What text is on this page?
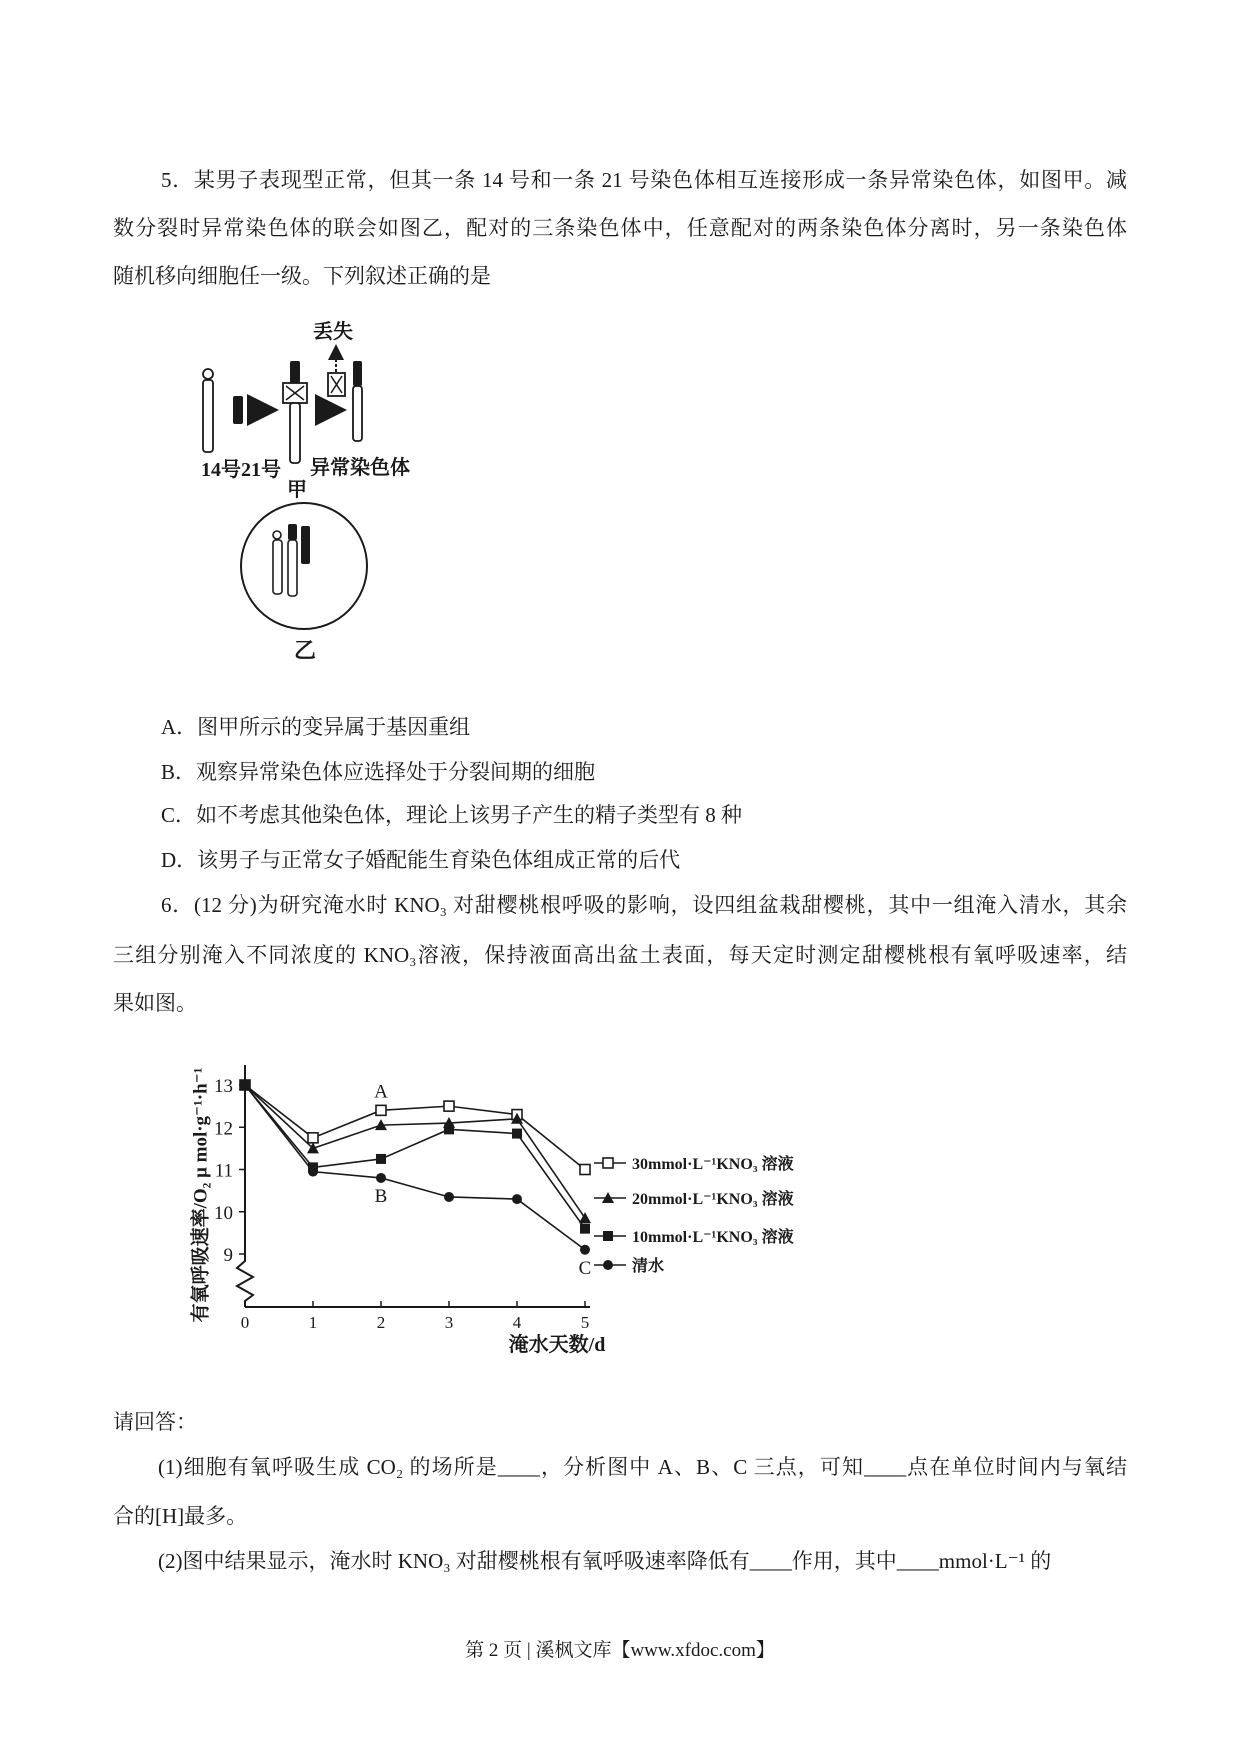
5．某男子表现型正常，但其一条 14 号和一条 21 号染色体相互连接形成一条异常染色体，如图甲。减
数分裂时异常染色体的联会如图乙，配对的三条染色体中，任意配对的两条染色体分离时，另一条染色体
随机移向细胞任一级。下列叙述正确的是
丢失
14号21号 异常染色体
甲
乙
A．图甲所示的变异属于基因重组
B．观察异常染色体应选择处于分裂间期的细胞
C．如不考虑其他染色体，理论上该男子产生的精子类型有 8 种
D．该男子与正常女子婚配能生育染色体组成正常的后代
6．(12 分)为研究淹水时 KNO₃ 对甜樱桃根呼吸的影响，设四组盆栽甜樱桃，其中一组淹入清水，其余
三组分别淹入不同浓度的 KNO₃溶液，保持液面高出盆土表面，每天定时测定甜樱桃根有氧呼吸速率，结
果如图。
有氧呼吸速率/O₂ μ mol·g⁻¹·h⁻¹
淹水天数/d
13
12
11
10
9
0	1	2	3	4	5
A
B
C
30mmol·L⁻¹KNO₃ 溶液
20mmol·L⁻¹KNO₃ 溶液
10mmol·L⁻¹KNO₃ 溶液
清水
请回答：
(1)细胞有氧呼吸生成 CO₂ 的场所是____，分析图中 A、B、C 三点，可知____点在单位时间内与氧结
合的[H]最多。
(2)图中结果显示，淹水时 KNO₃ 对甜樱桃根有氧呼吸速率降低有____作用，其中____mmol·L⁻¹ 的
第 2 页 | 溪枫文库【www.xfdoc.com】
